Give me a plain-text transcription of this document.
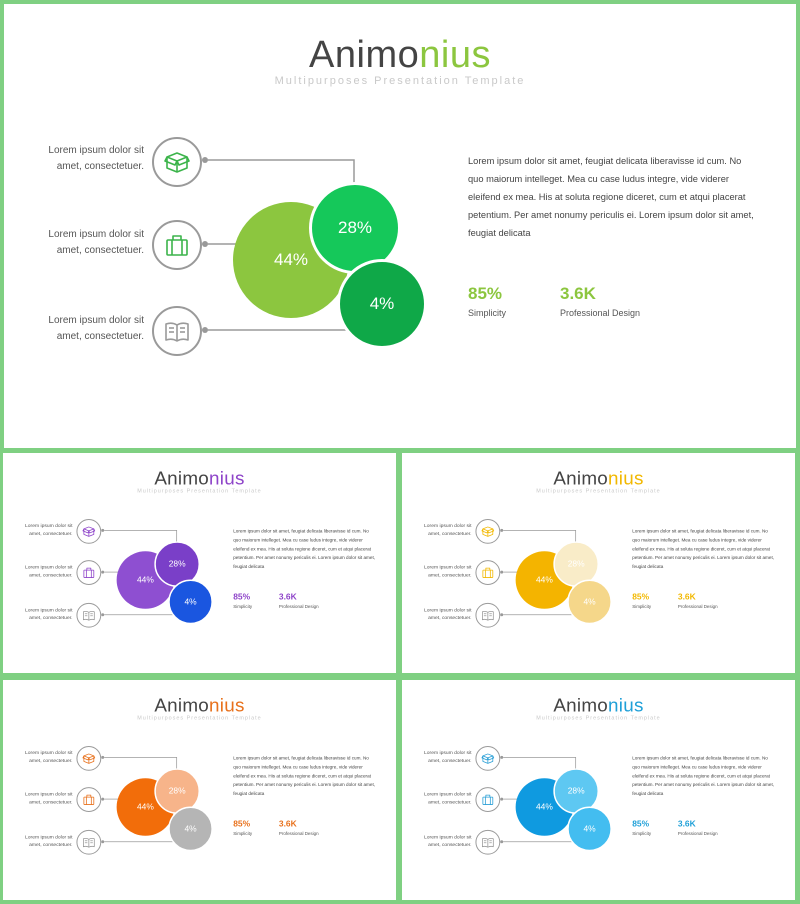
Animonius
Multipurposes Presentation Template
Lorem ipsum dolor sit
amet, consectetuer.
Lorem ipsum dolor sit
amet, consectetuer.
Lorem ipsum dolor sit
amet, consectetuer.
44%
28%
4%
Lorem ipsum dolor sit amet, feugiat delicata liberavisse id cum. No quo maiorum intelleget. Mea cu case ludus integre, vide viderer eleifend ex mea. His at soluta regione diceret, cum et atqui placerat petentium. Per amet nonumy periculis ei. Lorem ipsum dolor sit amet, feugiat delicata
85%
Simplicity
3.6K
Professional Design
Animonius
Multipurposes Presentation Template
Lorem ipsum dolor sit
amet, consectetuer.
Lorem ipsum dolor sit
amet, consectetuer.
Lorem ipsum dolor sit
amet, consectetuer.
44%
28%
4%
Lorem ipsum dolor sit amet, feugiat delicata liberavisse id cum. No quo maiorum intelleget. Mea cu case ludus integre, vide viderer eleifend ex mea. His at soluta regione diceret, cum et atqui placerat petentium. Per amet nonumy periculis ei. Lorem ipsum dolor sit amet, feugiat delicata
85%
Simplicity
3.6K
Professional Design
Animonius
Multipurposes Presentation Template
Lorem ipsum dolor sit
amet, consectetuer.
Lorem ipsum dolor sit
amet, consectetuer.
Lorem ipsum dolor sit
amet, consectetuer.
44%
28%
4%
Lorem ipsum dolor sit amet, feugiat delicata liberavisse id cum. No quo maiorum intelleget. Mea cu case ludus integre, vide viderer eleifend ex mea. His at soluta regione diceret, cum et atqui placerat petentium. Per amet nonumy periculis ei. Lorem ipsum dolor sit amet, feugiat delicata
85%
Simplicity
3.6K
Professional Design
Animonius
Multipurposes Presentation Template
Lorem ipsum dolor sit
amet, consectetuer.
Lorem ipsum dolor sit
amet, consectetuer.
Lorem ipsum dolor sit
amet, consectetuer.
44%
28%
4%
Lorem ipsum dolor sit amet, feugiat delicata liberavisse id cum. No quo maiorum intelleget. Mea cu case ludus integre, vide viderer eleifend ex mea. His at soluta regione diceret, cum et atqui placerat petentium. Per amet nonumy periculis ei. Lorem ipsum dolor sit amet, feugiat delicata
85%
Simplicity
3.6K
Professional Design
Animonius
Multipurposes Presentation Template
Lorem ipsum dolor sit
amet, consectetuer.
Lorem ipsum dolor sit
amet, consectetuer.
Lorem ipsum dolor sit
amet, consectetuer.
44%
28%
4%
Lorem ipsum dolor sit amet, feugiat delicata liberavisse id cum. No quo maiorum intelleget. Mea cu case ludus integre, vide viderer eleifend ex mea. His at soluta regione diceret, cum et atqui placerat petentium. Per amet nonumy periculis ei. Lorem ipsum dolor sit amet, feugiat delicata
85%
Simplicity
3.6K
Professional Design
